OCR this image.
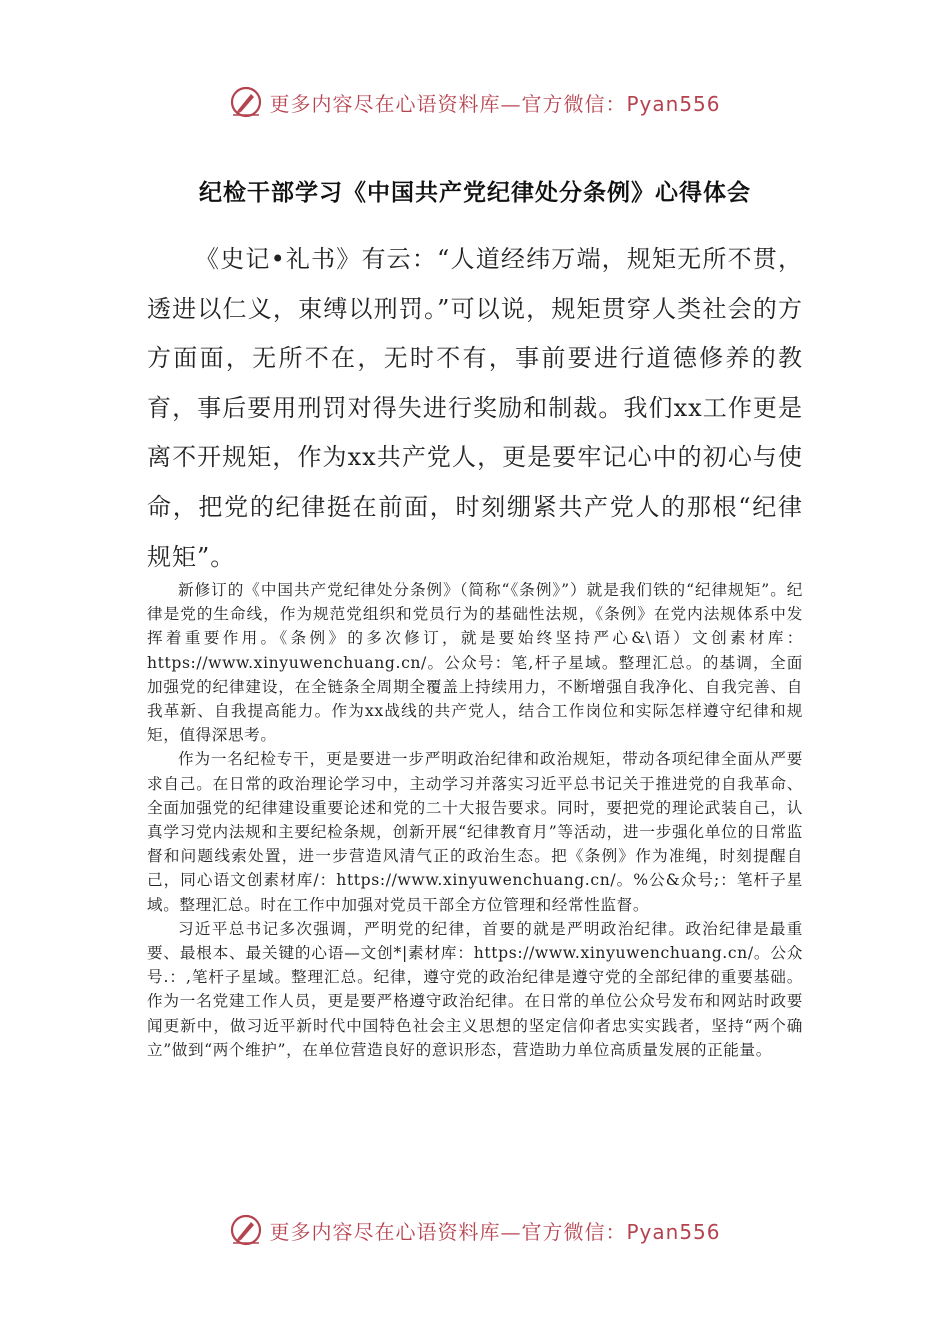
更多内容尽在心语资料库—官方微信：Pyan556
纪检干部学习《中国共产党纪律处分条例》心得体会

《史记•礼书》有云：“人道经纬万端，规矩无所不贯，透进以仁义，束缚以刑罚。”可以说，规矩贯穿人类社会的方方面面，无所不在，无时不有，事前要进行道德修养的教育，事后要用刑罚对得失进行奖励和制裁。我们xx工作更是离不开规矩，作为xx共产党人，更是要牢记心中的初心与使命，把党的纪律挺在前面，时刻绷紧共产党人的那根“纪律规矩”。

新修订的《中国共产党纪律处分条例》（简称“《条例》”）就是我们铁的“纪律规矩”。纪律是党的生命线，作为规范党组织和党员行为的基础性法规，《条例》在党内法规体系中发挥着重要作用。《条例》的多次修订，就是要始终坚持严心&\语）文创素材库：https://www.xinyuwenchuang.cn/。公众号：笔,杆子星域。整理汇总。的基调，全面加强党的纪律建设，在全链条全周期全覆盖上持续用力，不断增强自我净化、自我完善、自我革新、自我提高能力。作为xx战线的共产党人，结合工作岗位和实际怎样遵守纪律和规矩，值得深思考。

作为一名纪检专干，更是要进一步严明政治纪律和政治规矩，带动各项纪律全面从严要求自己。在日常的政治理论学习中，主动学习并落实习近平总书记关于推进党的自我革命、全面加强党的纪律建设重要论述和党的二十大报告要求。同时，要把党的理论武装自己，认真学习党内法规和主要纪检条规，创新开展“纪律教育月”等活动，进一步强化单位的日常监督和问题线索处置，进一步营造风清气正的政治生态。把《条例》作为准绳，时刻提醒自己，同心语文创素材库/：https://www.xinyuwenchuang.cn/。%公&众号;：笔杆子星域。整理汇总。时在工作中加强对党员干部全方位管理和经常性监督。

习近平总书记多次强调，严明党的纪律，首要的就是严明政治纪律。政治纪律是最重要、最根本、最关键的心语—文创*|素材库：https://www.xinyuwenchuang.cn/。公众号.：,笔杆子星域。整理汇总。纪律，遵守党的政治纪律是遵守党的全部纪律的重要基础。作为一名党建工作人员，更是要严格遵守政治纪律。在日常的单位公众号发布和网站时政要闻更新中，做习近平新时代中国特色社会主义思想的坚定信仰者忠实实践者，坚持“两个确立”做到“两个维护”，在单位营造良好的意识形态，营造助力单位高质量发展的正能量。

更多内容尽在心语资料库—官方微信：Pyan556
